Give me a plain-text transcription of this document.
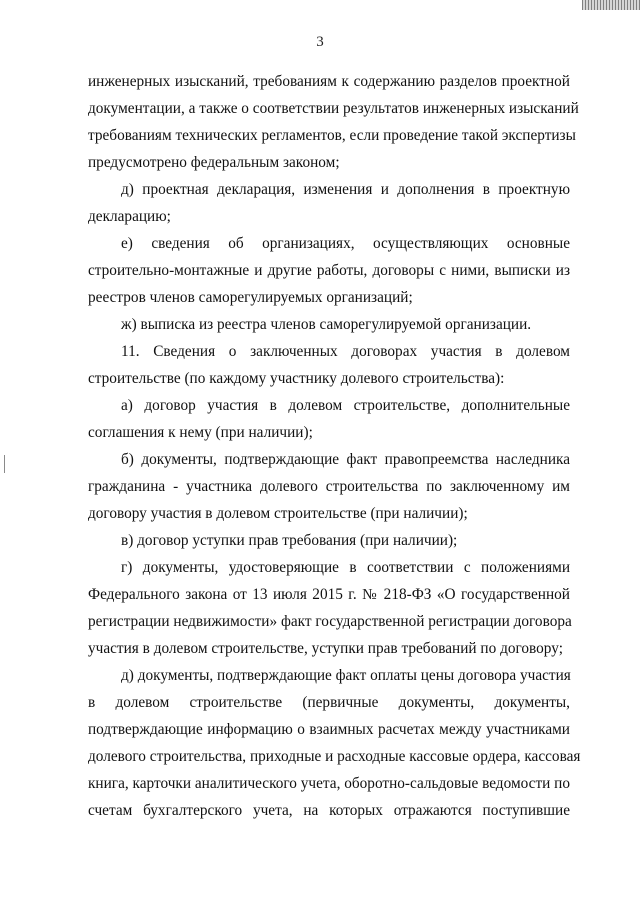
3
инженерных изысканий, требованиям к содержанию разделов проектной
документации, а также о соответствии результатов инженерных изысканий
требованиям технических регламентов, если проведение такой экспертизы
предусмотрено федеральным законом;
д) проектная декларация, изменения и дополнения в проектную
декларацию;
е) сведения об организациях, осуществляющих основные
строительно-монтажные и другие работы, договоры с ними, выписки из
реестров членов саморегулируемых организаций;
ж) выписка из реестра членов саморегулируемой организации.
11. Сведения о заключенных договорах участия в долевом
строительстве (по каждому участнику долевого строительства):
а) договор участия в долевом строительстве, дополнительные
соглашения к нему (при наличии);
б) документы, подтверждающие факт правопреемства наследника
гражданина - участника долевого строительства по заключенному им
договору участия в долевом строительстве (при наличии);
в) договор уступки прав требования (при наличии);
г) документы, удостоверяющие в соответствии с положениями
Федерального закона от 13 июля 2015 г. № 218-ФЗ «О государственной
регистрации недвижимости» факт государственной регистрации договора
участия в долевом строительстве, уступки прав требований по договору;
д) документы, подтверждающие факт оплаты цены договора участия
в долевом строительстве (первичные документы, документы,
подтверждающие информацию о взаимных расчетах между участниками
долевого строительства, приходные и расходные кассовые ордера, кассовая
книга, карточки аналитического учета, оборотно-сальдовые ведомости по
счетам бухгалтерского учета, на которых отражаются поступившие
